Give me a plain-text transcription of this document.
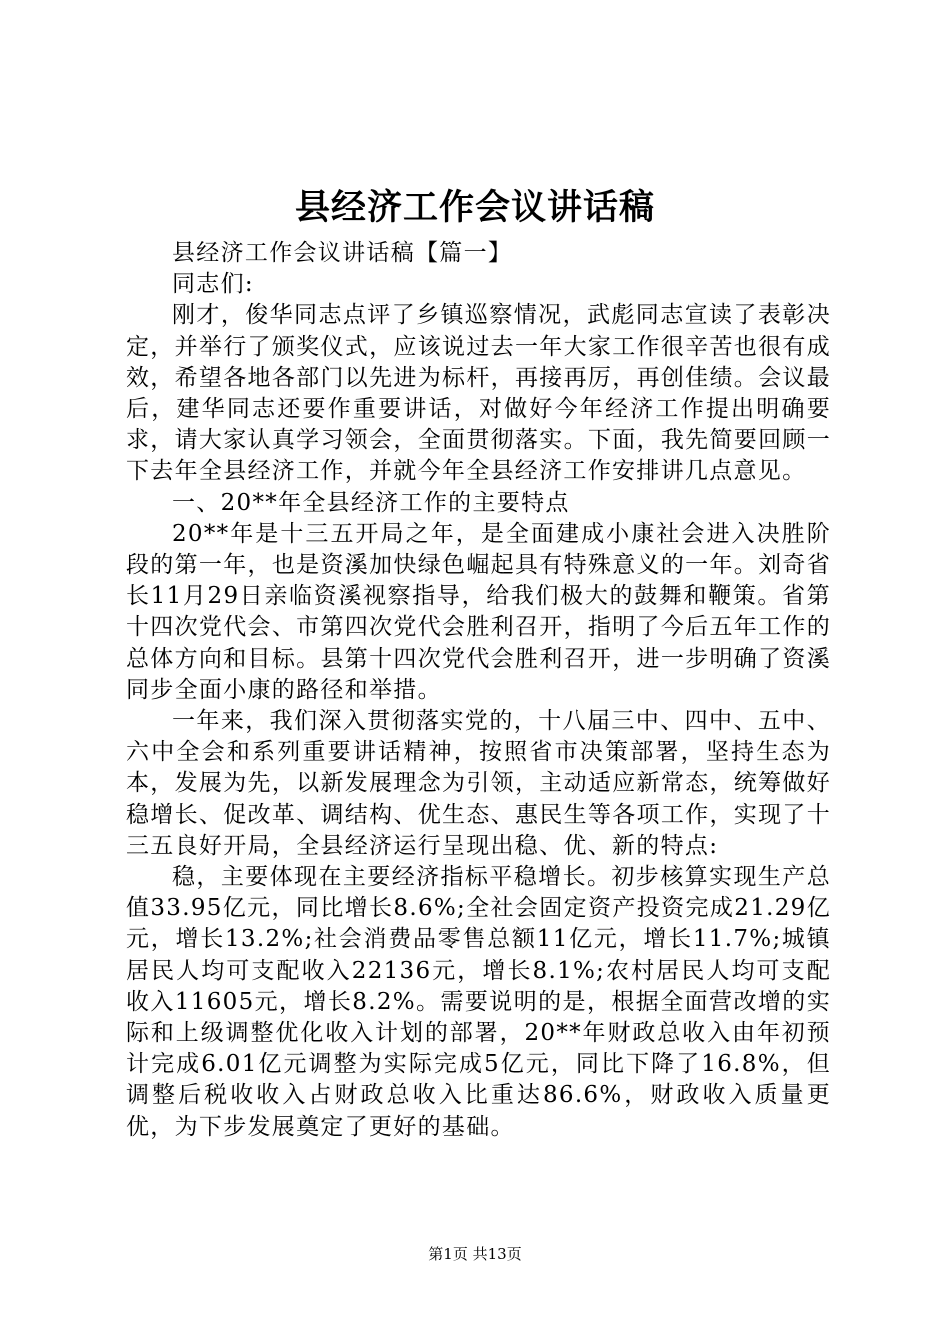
县经济工作会议讲话稿

县经济工作会议讲话稿【篇一】

同志们:

刚才，俊华同志点评了乡镇巡察情况，武彪同志宣读了表彰决定，并举行了颁奖仪式，应该说过去一年大家工作很辛苦也很有成效，希望各地各部门以先进为标杆，再接再厉，再创佳绩。会议最后，建华同志还要作重要讲话，对做好今年经济工作提出明确要求，请大家认真学习领会，全面贯彻落实。下面，我先简要回顾一下去年全县经济工作，并就今年全县经济工作安排讲几点意见。

一、20**年全县经济工作的主要特点

20**年是十三五开局之年，是全面建成小康社会进入决胜阶段的第一年，也是资溪加快绿色崛起具有特殊意义的一年。刘奇省长11月29日亲临资溪视察指导，给我们极大的鼓舞和鞭策。省第十四次党代会、市第四次党代会胜利召开，指明了今后五年工作的总体方向和目标。县第十四次党代会胜利召开，进一步明确了资溪同步全面小康的路径和举措。

一年来，我们深入贯彻落实党的，十八届三中、四中、五中、六中全会和系列重要讲话精神，按照省市决策部署，坚持生态为本，发展为先，以新发展理念为引领，主动适应新常态，统筹做好稳增长、促改革、调结构、优生态、惠民生等各项工作，实现了十三五良好开局，全县经济运行呈现出稳、优、新的特点:

稳，主要体现在主要经济指标平稳增长。初步核算实现生产总值33.95亿元，同比增长8.6%;全社会固定资产投资完成21.29亿元，增长13.2%;社会消费品零售总额11亿元，增长11.7%;城镇居民人均可支配收入22136元，增长8.1%;农村居民人均可支配收入11605元，增长8.2%。需要说明的是，根据全面营改增的实际和上级调整优化收入计划的部署，20**年财政总收入由年初预计完成6.01亿元调整为实际完成5亿元，同比下降了16.8%，但调整后税收收入占财政总收入比重达86.6%，财政收入质量更优，为下步发展奠定了更好的基础。

第1页 共13页
